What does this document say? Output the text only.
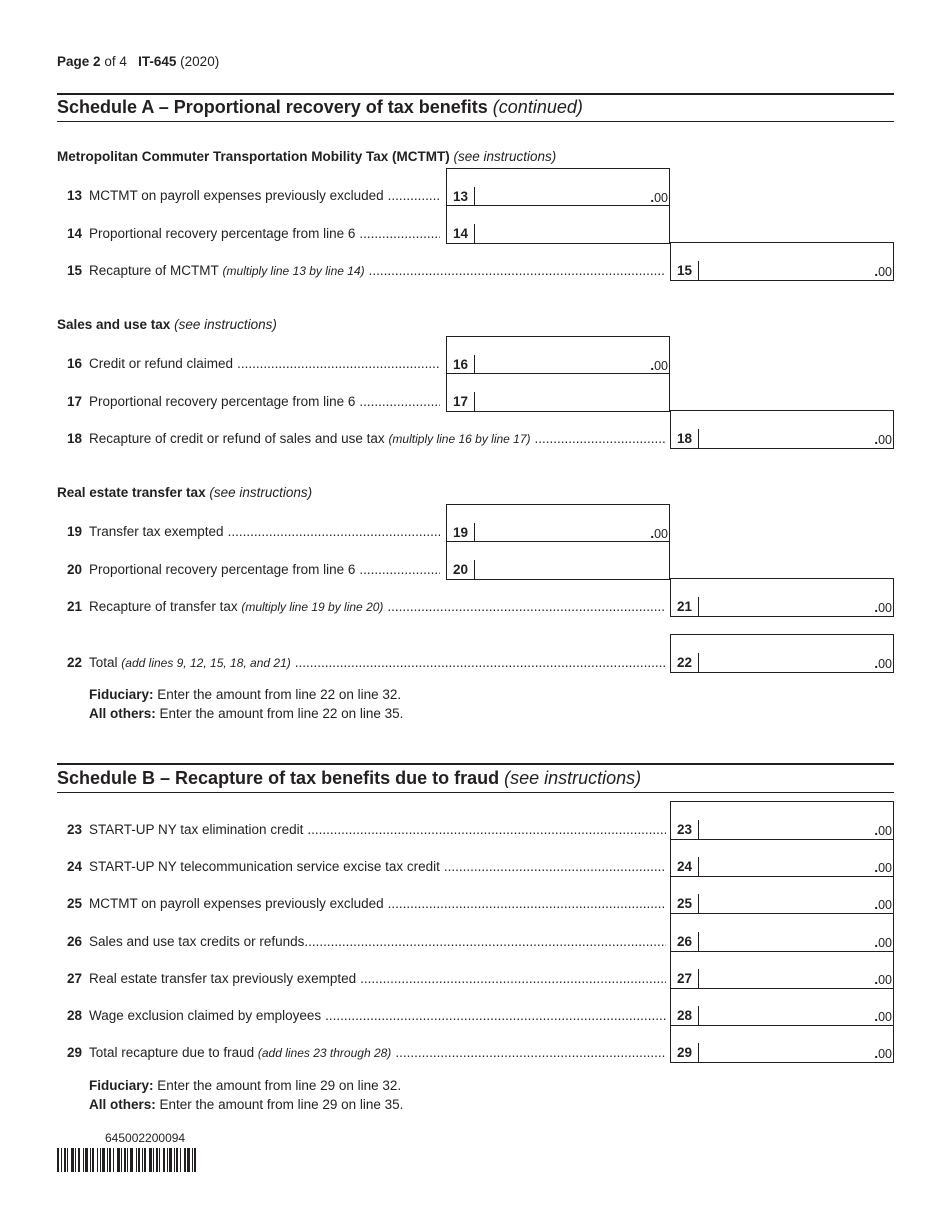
Page 2 of 4 IT-645 (2020)
Schedule A – Proportional recovery of tax benefits (continued)
Metropolitan Commuter Transportation Mobility Tax (MCTMT) (see instructions)
13 MCTMT on payroll expenses previously excluded .....	13	.00
14 Proportional recovery percentage from line 6 .....	14
15 Recapture of MCTMT
(multiply line 13 by line 14) .....	15	.00
Sales and use tax (see instructions)
16 Credit or refund claimed .....	16	.00
17 Proportional recovery percentage from line 6 .....	17
18 Recapture of credit or refund of sales and use tax
(multiply line 16 by line 17) .....	18	.00
Real estate transfer tax (see instructions)
19 Transfer tax exempted .....	19	.00
20 Proportional recovery percentage from line 6 .....	20
21 Recapture of transfer tax
(multiply line 19 by line 20) .....	21	.00
22 Total
(add lines 9, 12, 15, 18, and 21) .....	22	.00
Fiduciary: Enter the amount from line 22 on line 32.
All others: Enter the amount from line 22 on line 35.
Schedule B – Recapture of tax benefits due to fraud (see instructions)
23 START-UP NY tax elimination credit .....	23	.00
24 START-UP NY telecommunication service excise tax credit .....	24	.00
25 MCTMT on payroll expenses previously excluded .....	25	.00
26 Sales and use tax credits or refunds .....	26	.00
27 Real estate transfer tax previously exempted .....	27	.00
28 Wage exclusion claimed by employees .....	28	.00
29 Total recapture due to fraud
(add lines 23 through 28) .....	29	.00
Fiduciary: Enter the amount from line 29 on line 32.
All others: Enter the amount from line 29 on line 35.
645002200094
